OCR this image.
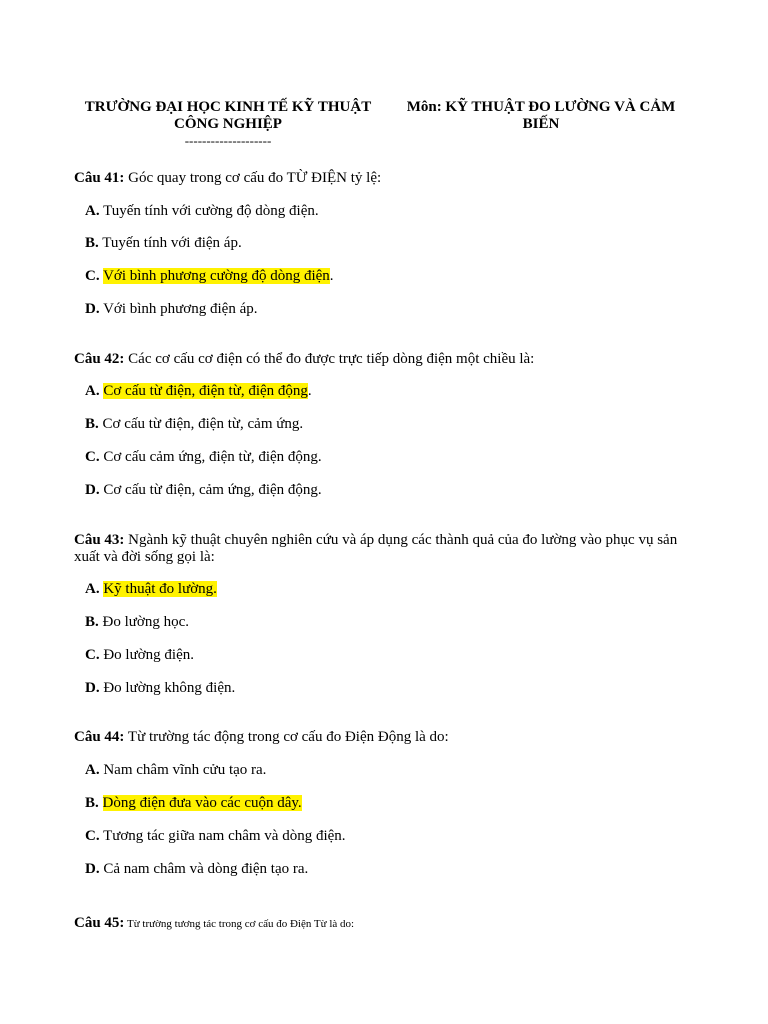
TRƯỜNG ĐẠI HỌC KINH TẾ KỸ THUẬT CÔNG NGHIỆP
--------------------
Môn: KỸ THUẬT ĐO LƯỜNG VÀ CẢM BIẾN
Câu 41: Góc quay trong cơ cấu đo TỪ ĐIỆN tỷ lệ:
A. Tuyến tính với cường độ dòng điện.
B. Tuyến tính với điện áp.
C. Với bình phương cường độ dòng điện.
D. Với bình phương điện áp.
Câu 42: Các cơ cấu cơ điện có thể đo được trực tiếp dòng điện một chiều là:
A. Cơ cấu từ điện, điện từ, điện động.
B. Cơ cấu từ điện, điện từ, cảm ứng.
C. Cơ cấu cảm ứng, điện từ, điện động.
D. Cơ cấu từ điện, cảm ứng, điện động.
Câu 43: Ngành kỹ thuật chuyên nghiên cứu và áp dụng các thành quả của đo lường vào phục vụ sản xuất và đời sống gọi là:
A. Kỹ thuật đo lường.
B. Đo lường học.
C. Đo lường điện.
D. Đo lường không điện.
Câu 44: Từ trường tác động trong cơ cấu đo Điện Động là do:
A. Nam châm vĩnh cửu tạo ra.
B. Dòng điện đưa vào các cuộn dây.
C. Tương tác giữa nam châm và dòng điện.
D. Cả nam châm và dòng điện tạo ra.
Câu 45: Từ trường tương tác trong cơ cấu đo Điện Từ là do:
